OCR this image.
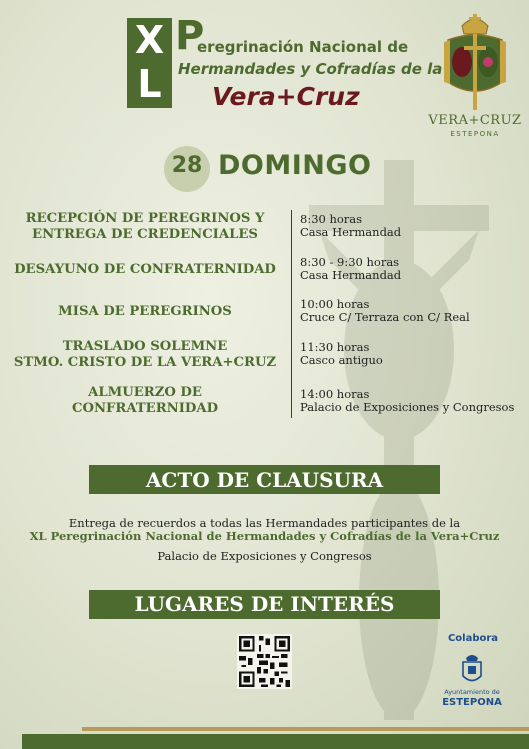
X
L
P
eregrinación Nacional de
Hermandades y Cofradías de la
Vera+Cruz
VERA+CRUZ
ESTEPONA
28 DOMINGO
RECEPCIÓN DE PEREGRINOS Y
ENTREGA DE CREDENCIALES
8:30 horas
Casa Hermandad
DESAYUNO DE CONFRATERNIDAD	8:30 - 9:30 horas
Casa Hermandad
MISA DE PEREGRINOS	10:00 horas
Cruce C/ Terraza con C/ Real
TRASLADO SOLEMNE
STMO. CRISTO DE LA VERA+CRUZ
11:30 horas
Casco antiguo
ALMUERZO DE
CONFRATERNIDAD
14:00 horas
Palacio de Exposiciones y Congresos
ACTO DE CLAUSURA
Entrega de recuerdos a todas las Hermandades participantes de la
XL Peregrinación Nacional de Hermandades y Cofradías de la Vera+Cruz
Palacio de Exposiciones y Congresos
LUGARES DE INTERÉS
Colabora
Ayuntamiento de
ESTEPONA
